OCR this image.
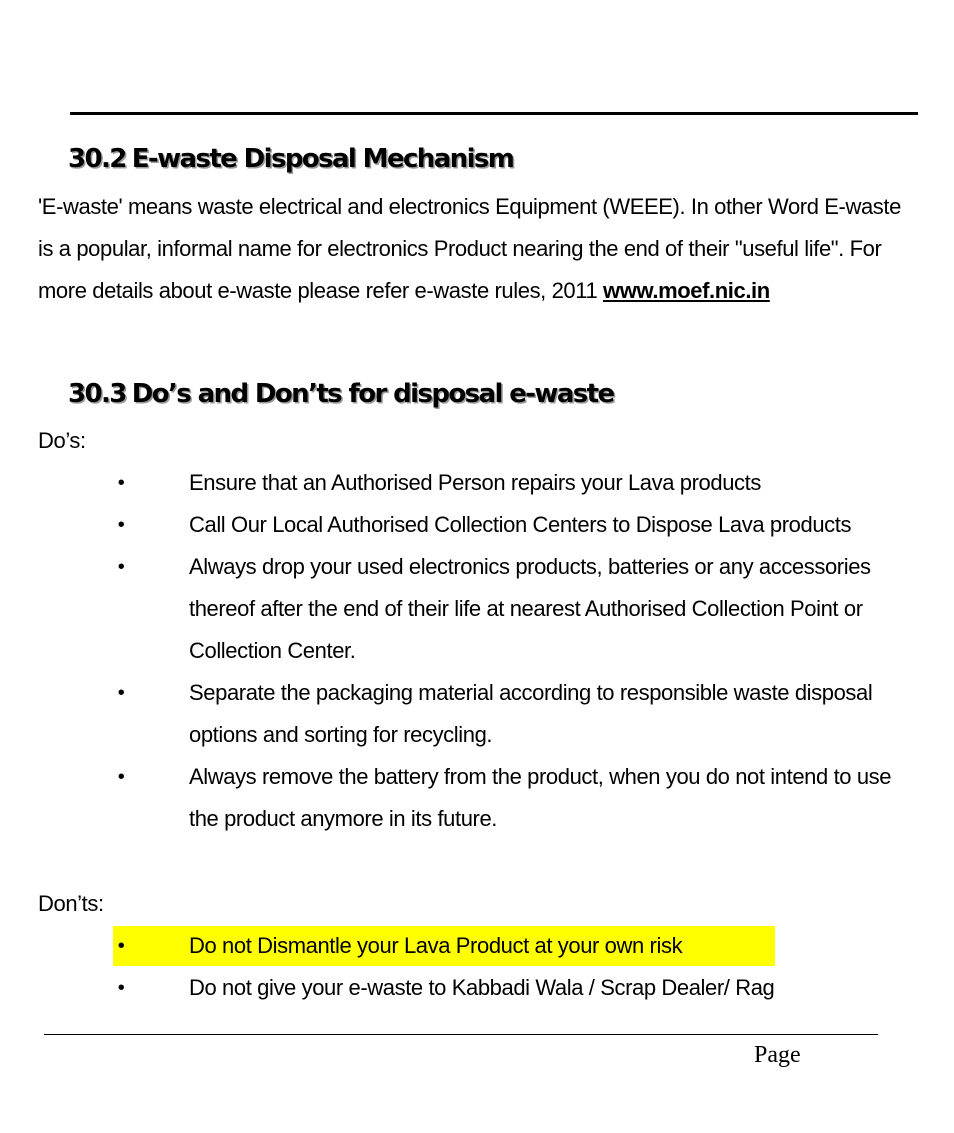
30.2 E-waste Disposal Mechanism

'E-waste' means waste electrical and electronics Equipment (WEEE). In other Word E-waste is a popular, informal name for electronics Product nearing the end of their "useful life". For more details about e-waste please refer e-waste rules, 2011 www.moef.nic.in

30.3 Do’s and Don’ts for disposal e-waste

Do’s:

•	Ensure that an Authorised Person repairs your Lava products
•	Call Our Local Authorised Collection Centers to Dispose Lava products
•	Always drop your used electronics products, batteries or any accessories thereof after the end of their life at nearest Authorised Collection Point or Collection Center.
•	Separate the packaging material according to responsible waste disposal options and sorting for recycling.
•	Always remove the battery from the product, when you do not intend to use the product anymore in its future.

Don’ts:

•	Do not Dismantle your Lava Product at your own risk
•	Do not give your e-waste to Kabbadi Wala / Scrap Dealer/ Rag
Page
